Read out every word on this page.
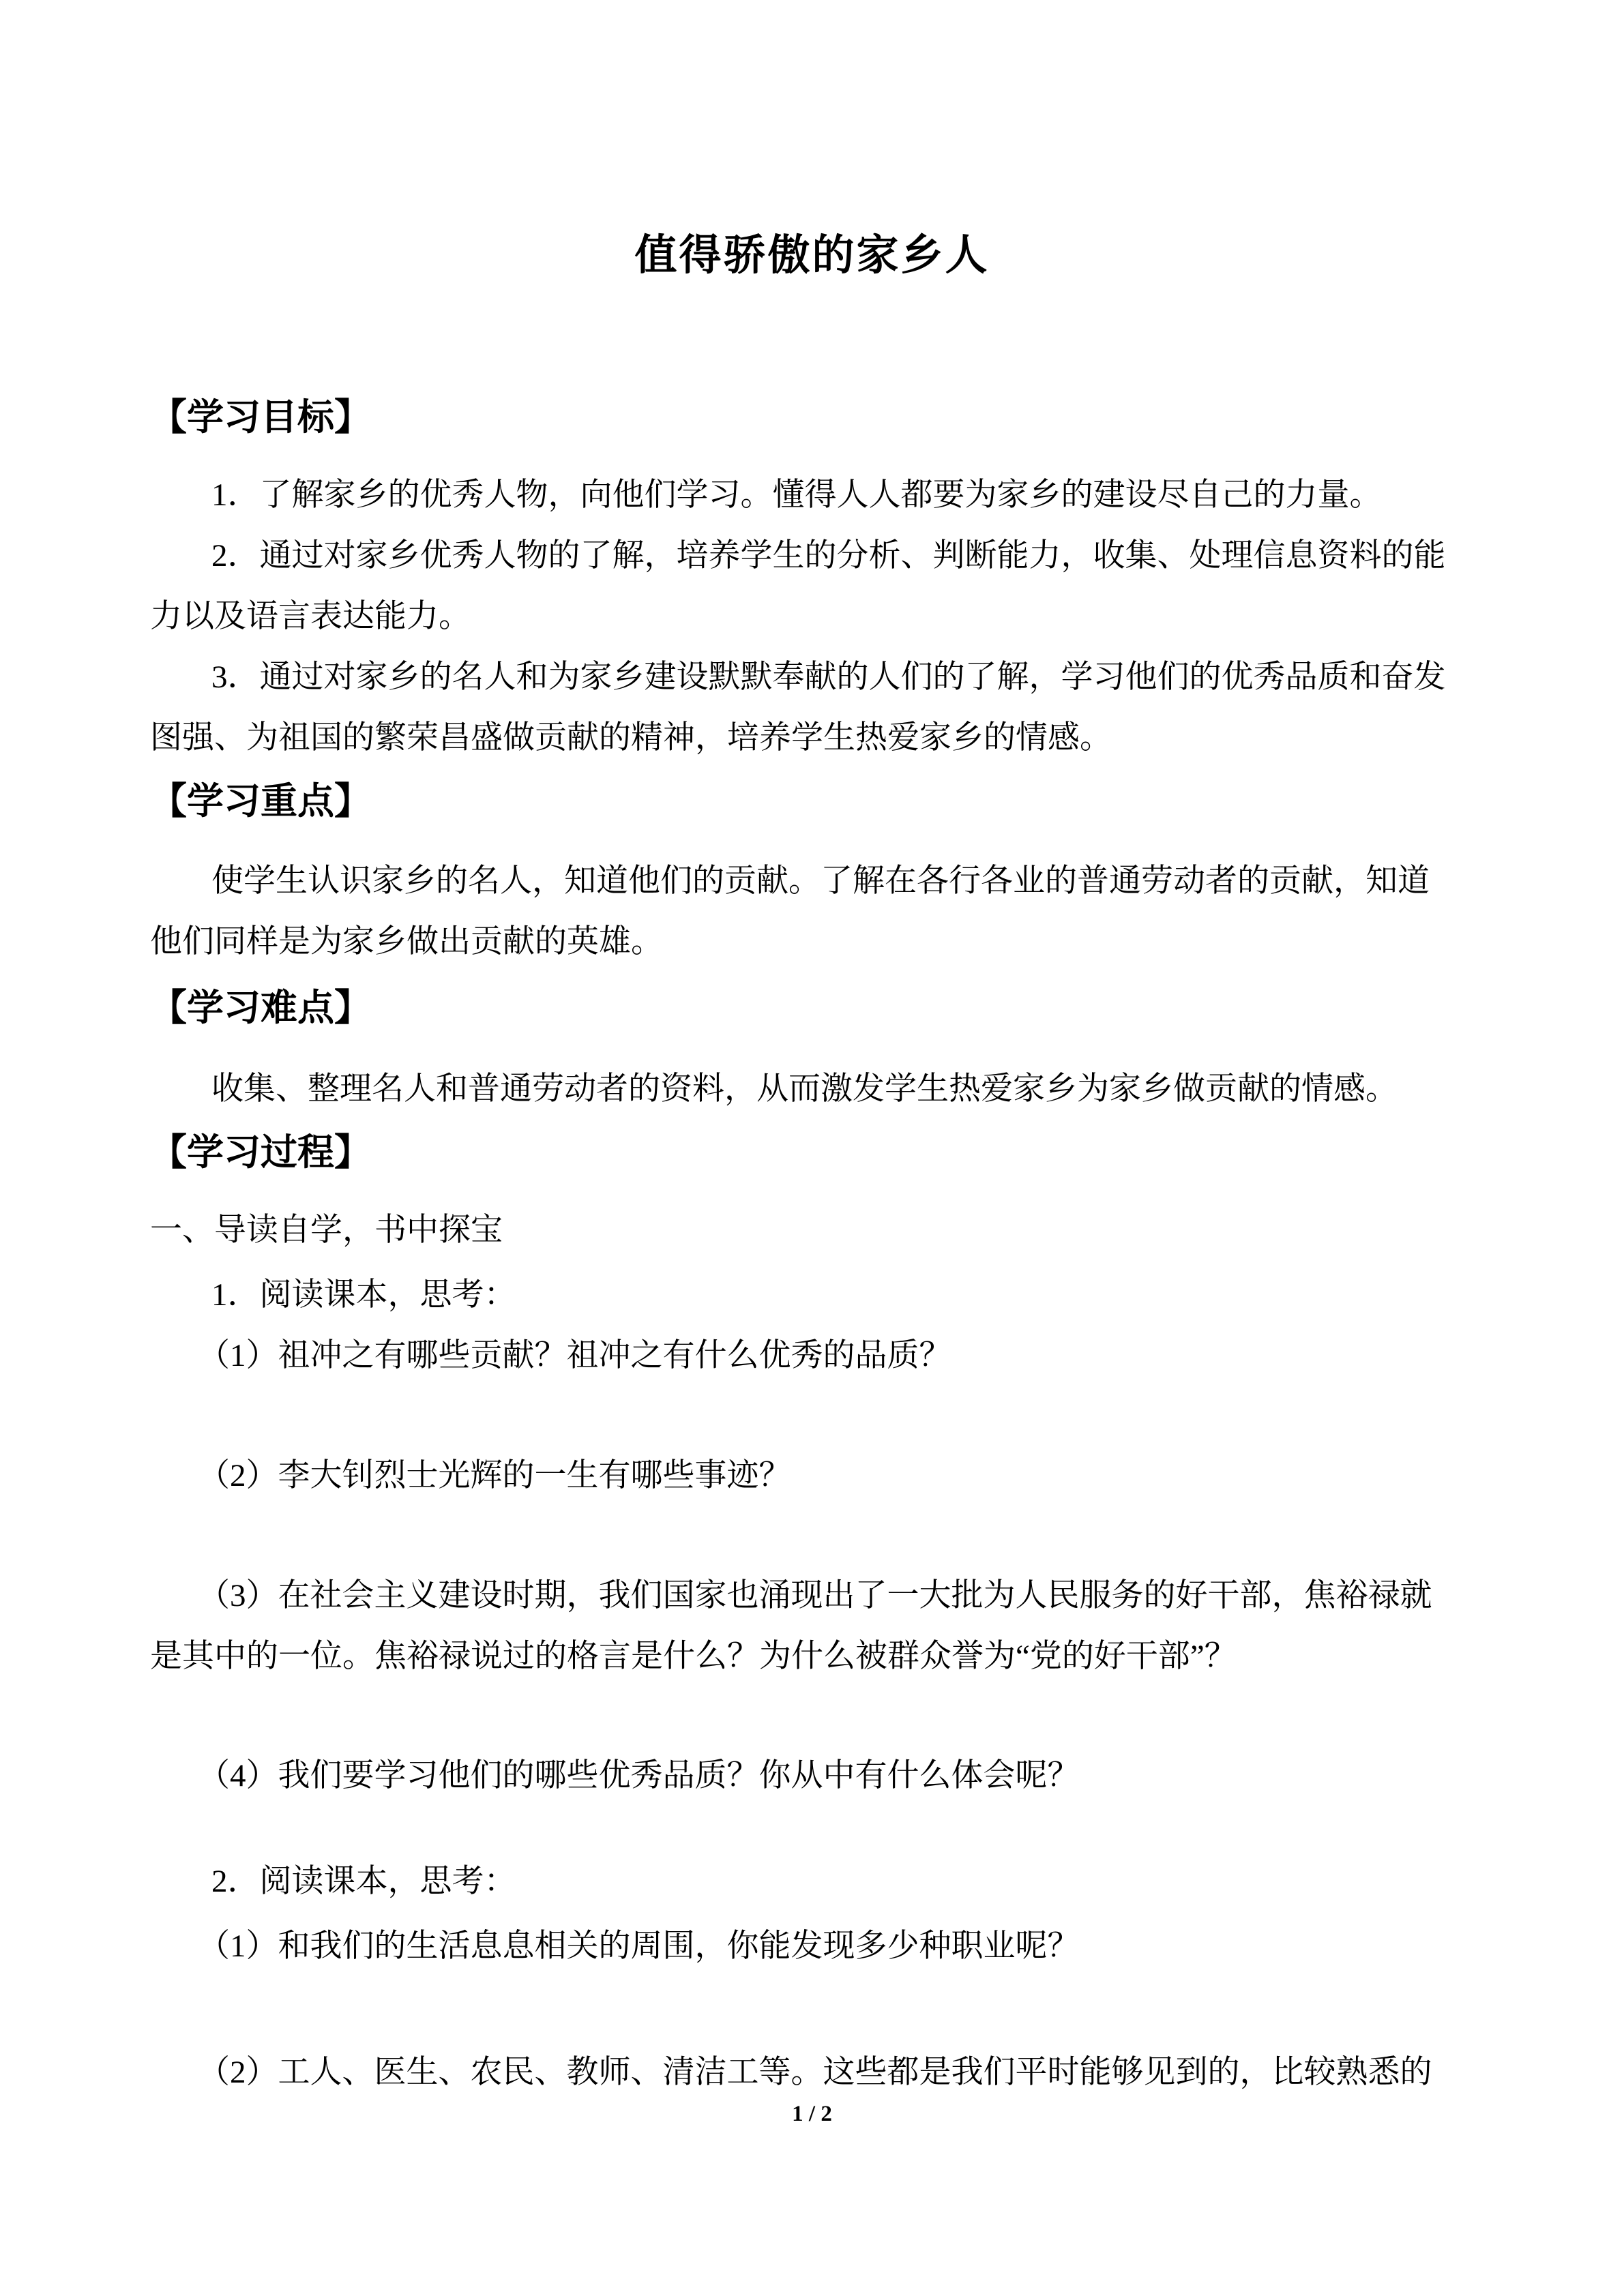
值得骄傲的家乡人
【学习目标】
1．了解家乡的优秀人物，向他们学习。懂得人人都要为家乡的建设尽自己的力量。
2．通过对家乡优秀人物的了解，培养学生的分析、判断能力，收集、处理信息资料的能
力以及语言表达能力。
3．通过对家乡的名人和为家乡建设默默奉献的人们的了解，学习他们的优秀品质和奋发
图强、为祖国的繁荣昌盛做贡献的精神，培养学生热爱家乡的情感。
【学习重点】
使学生认识家乡的名人，知道他们的贡献。了解在各行各业的普通劳动者的贡献，知道
他们同样是为家乡做出贡献的英雄。
【学习难点】
收集、整理名人和普通劳动者的资料，从而激发学生热爱家乡为家乡做贡献的情感。
【学习过程】
一、导读自学，书中探宝
1．阅读课本，思考：
（1）祖冲之有哪些贡献？祖冲之有什么优秀的品质？
（2）李大钊烈士光辉的一生有哪些事迹？
（3）在社会主义建设时期，我们国家也涌现出了一大批为人民服务的好干部，焦裕禄就
是其中的一位。焦裕禄说过的格言是什么？为什么被群众誉为“党的好干部”？
（4）我们要学习他们的哪些优秀品质？你从中有什么体会呢？
2．阅读课本，思考：
（1）和我们的生活息息相关的周围，你能发现多少种职业呢？
（2）工人、医生、农民、教师、清洁工等。这些都是我们平时能够见到的，比较熟悉的
1 / 2
